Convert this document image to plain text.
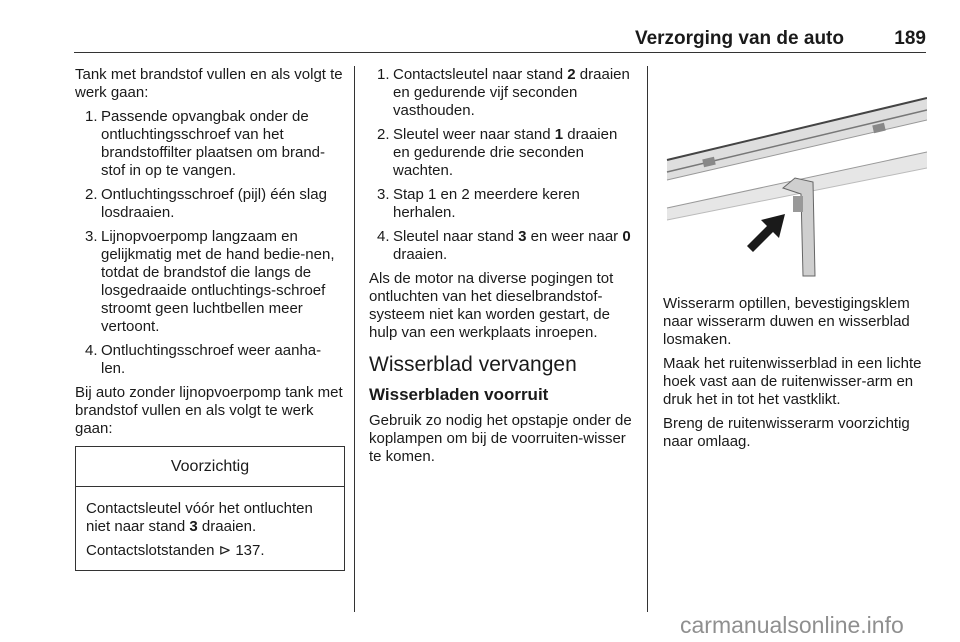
Verzorging van de auto	189

Tank met brandstof vullen en als volgt te werk gaan:

1. Passende opvangbak onder de ontluchtingsschroef van het brandstoffilter plaatsen om brand-stof in op te vangen.
2. Ontluchtingsschroef (pijl) één slag losdraaien.
3. Lijnopvoerpomp langzaam en gelijkmatig met de hand bedie-nen, totdat de brandstof die langs de losgedraaide ontluchtings-schroef stroomt geen luchtbellen meer vertoont.
4. Ontluchtingsschroef weer aanha-len.

Bij auto zonder lijnopvoerpomp tank met brandstof vullen en als volgt te werk gaan:

Voorzichtig

Contactsleutel vóór het ontluchten niet naar stand 3 draaien.

Contactslotstanden ⊳ 137.

1. Contactsleutel naar stand 2 draaien en gedurende vijf seconden vasthouden.
2. Sleutel weer naar stand 1 draaien en gedurende drie seconden wachten.
3. Stap 1 en 2 meerdere keren herhalen.
4. Sleutel naar stand 3 en weer naar 0 draaien.

Als de motor na diverse pogingen tot ontluchten van het dieselbrandstof-systeem niet kan worden gestart, de hulp van een werkplaats inroepen.

Wisserblad vervangen
Wisserbladen voorruit

Gebruik zo nodig het opstapje onder de koplampen om bij de voorruiten-wisser te komen.

Wisserarm optillen, bevestigingsklem naar wisserarm duwen en wisserblad losmaken.

Maak het ruitenwisserblad in een lichte hoek vast aan de ruitenwisser-arm en druk het in tot het vastklikt.

Breng de ruitenwisserarm voorzichtig naar omlaag.

carmanualsonline.info
